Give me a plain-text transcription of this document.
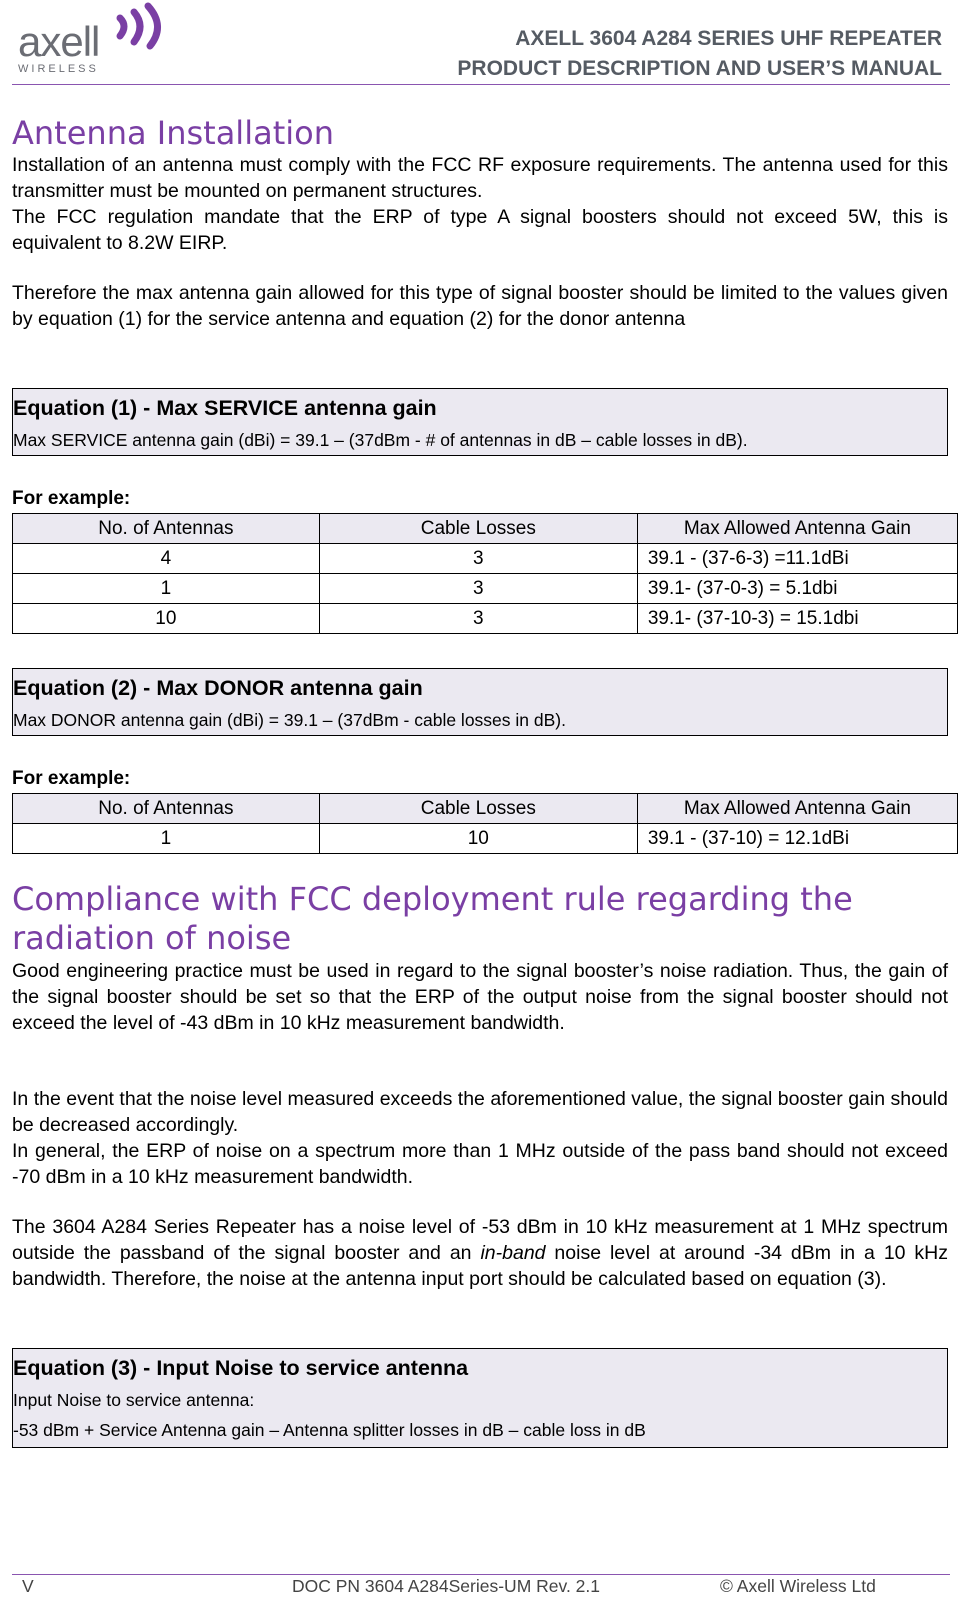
axell
WIRELESS
AXELL 3604 A284 SERIES UHF REPEATER
PRODUCT DESCRIPTION AND USER’S MANUAL
Antenna Installation

Installation of an antenna must comply with the FCC RF exposure requirements. The antenna used for this transmitter must be mounted on permanent structures.

The FCC regulation mandate that the ERP of type A signal boosters should not exceed 5W, this is equivalent to 8.2W EIRP.

Therefore the max antenna gain allowed for this type of signal booster should be limited to the values given by equation (1) for the service antenna and equation (2) for the donor antenna

Equation (1) - Max SERVICE antenna gain
Max SERVICE antenna gain (dBi) = 39.1 – (37dBm - # of antennas in dB – cable losses in dB).
For example:
No. of Antennas	Cable Losses	Max Allowed Antenna Gain
4	3	39.1 - (37-6-3) =11.1dBi
1	3	39.1- (37-0-3) = 5.1dbi
10	3	39.1- (37-10-3) = 15.1dbi
Equation (2) - Max DONOR antenna gain
Max DONOR antenna gain (dBi) = 39.1 – (37dBm - cable losses in dB).
For example:
No. of Antennas	Cable Losses	Max Allowed Antenna Gain
1	10	39.1 - (37-10) = 12.1dBi
Compliance with FCC deployment rule regarding the
radiation of noise

Good engineering practice must be used in regard to the signal booster’s noise radiation. Thus, the gain of the signal booster should be set so that the ERP of the output noise from the signal booster should not exceed the level of -43 dBm in 10 kHz measurement bandwidth.

In the event that the noise level measured exceeds the aforementioned value, the signal booster gain should be decreased accordingly.

In general, the ERP of noise on a spectrum more than 1 MHz outside of the pass band should not exceed -70 dBm in a 10 kHz measurement bandwidth.

The 3604 A284 Series Repeater has a noise level of -53 dBm in 10 kHz measurement at 1 MHz spectrum outside the passband of the signal booster and an in-band noise level at around -34 dBm in a 10 kHz bandwidth. Therefore, the noise at the antenna input port should be calculated based on equation (3).

Equation (3) - Input Noise to service antenna
Input Noise to service antenna:
-53 dBm + Service Antenna gain – Antenna splitter losses in dB – cable loss in dB
V	DOC PN 3604 A284Series-UM Rev. 2.1	© Axell Wireless Ltd
